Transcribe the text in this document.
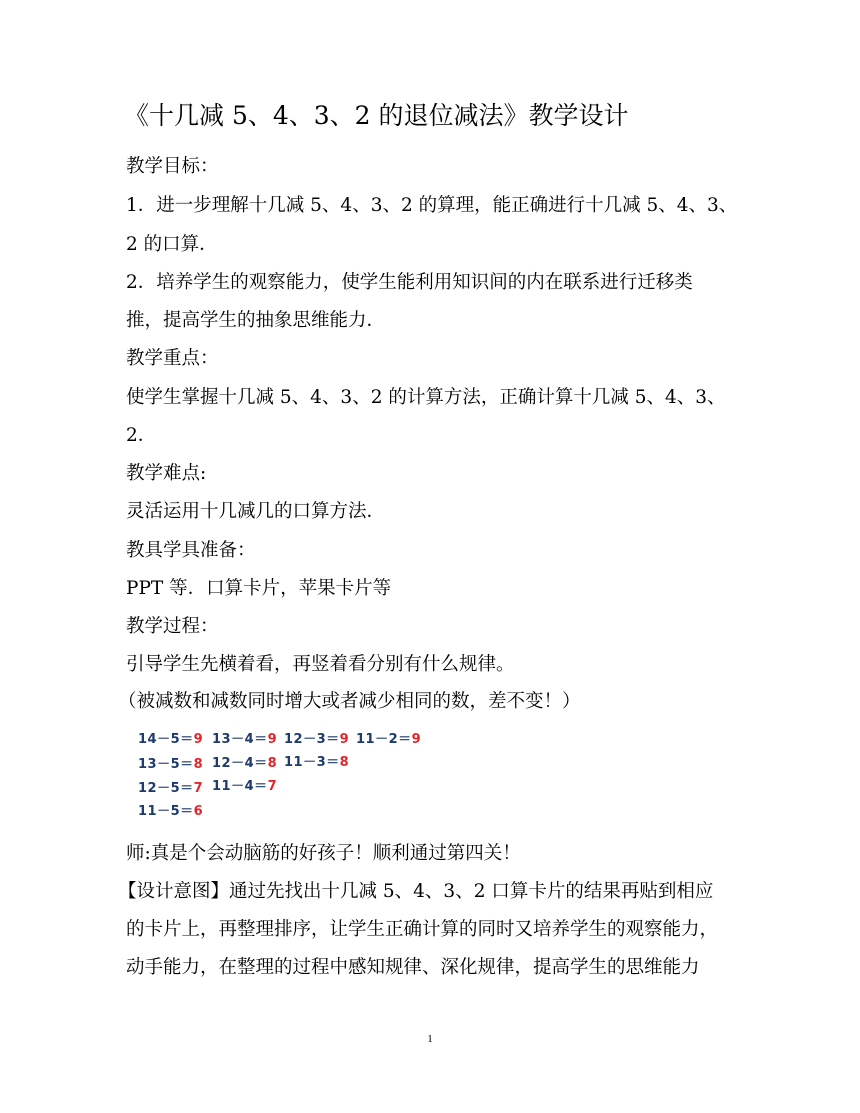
《十几减 5、4、3、2 的退位减法》教学设计
教学目标：
1．进一步理解十几减 5、4、3、2 的算理，能正确进行十几减 5、4、3、
2 的口算．
2．培养学生的观察能力，使学生能利用知识间的内在联系进行迁移类
推，提高学生的抽象思维能力．
教学重点：
使学生掌握十几减 5、4、3、2 的计算方法，正确计算十几减 5、4、3、
2．
教学难点:
灵活运用十几减几的口算方法．
教具学具准备：
PPT 等．口算卡片，苹果卡片等
教学过程：
引导学生先横着看，再竖着看分别有什么规律。
（被减数和减数同时增大或者减少相同的数，差不变！）
14－5＝9
13－5＝8
12－5＝7
11－5＝6
13－4＝9
12－4＝8
11－4＝7
12－3＝9
11－3＝8
11－2＝9
师:真是个会动脑筋的好孩子！顺利通过第四关！
【设计意图】通过先找出十几减 5、4、3、2 口算卡片的结果再贴到相应
的卡片上，再整理排序，让学生正确计算的同时又培养学生的观察能力，
动手能力，在整理的过程中感知规律、深化规律，提高学生的思维能力
1
